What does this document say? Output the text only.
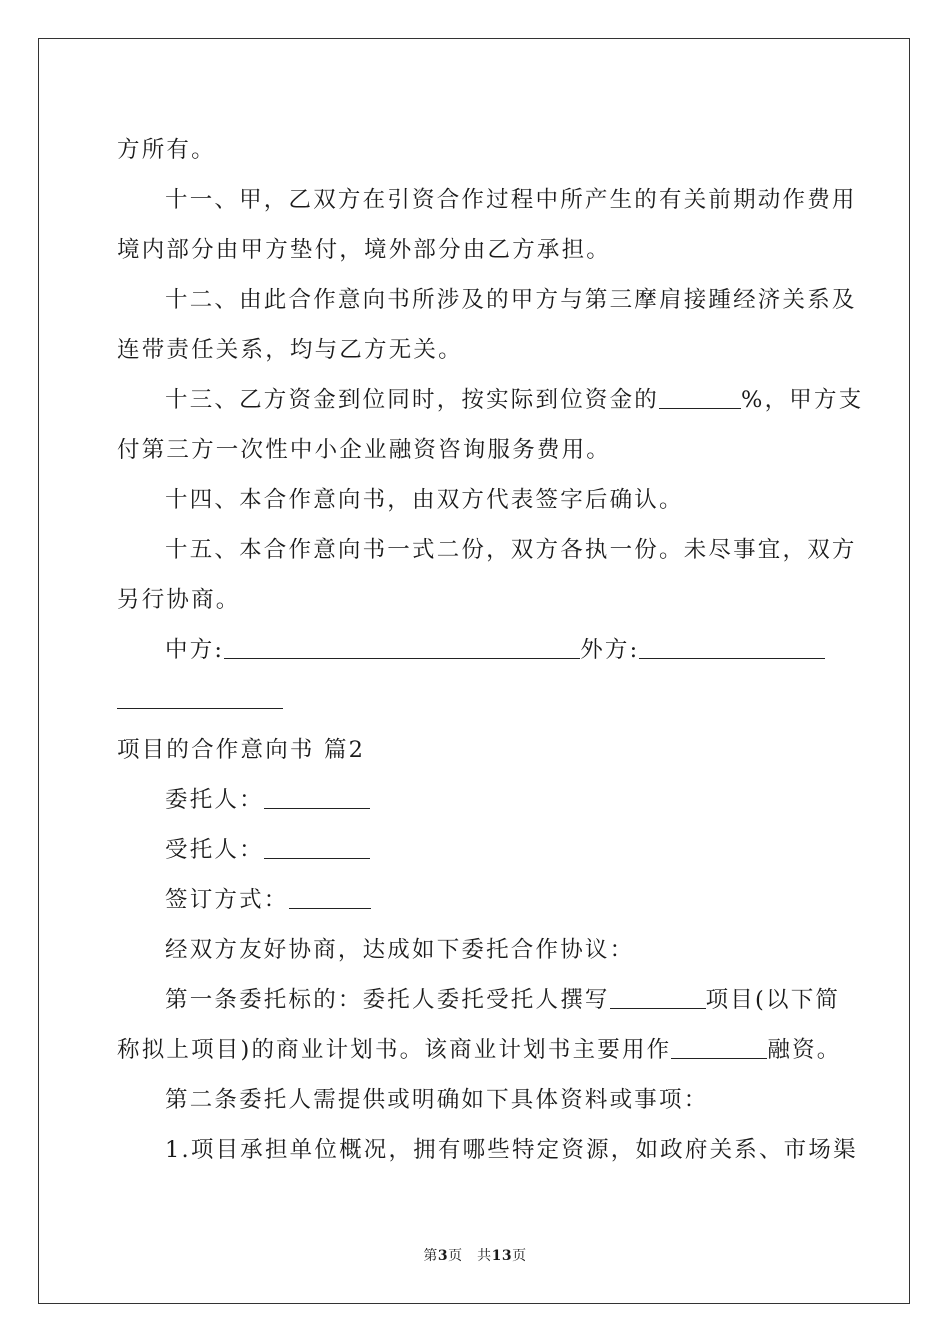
方所有。
十一、甲，乙双方在引资合作过程中所产生的有关前期动作费用
境内部分由甲方垫付，境外部分由乙方承担。
十二、由此合作意向书所涉及的甲方与第三摩肩接踵经济关系及
连带责任关系，均与乙方无关。
十三、乙方资金到位同时，按实际到位资金的	%，甲方支
付第三方一次性中小企业融资咨询服务费用。
十四、本合作意向书，由双方代表签字后确认。
十五、本合作意向书一式二份，双方各执一份。未尽事宜，双方
另行协商。
中方:	外方:
项目的合作意向书 篇2
委托人：
受托人：
签订方式：
经双方友好协商，达成如下委托合作协议：
第一条委托标的：委托人委托受托人撰写	项目(以下简
称拟上项目)的商业计划书。该商业计划书主要用作	融资。
第二条委托人需提供或明确如下具体资料或事项：
1.项目承担单位概况，拥有哪些特定资源，如政府关系、市场渠
第3页　共13页
